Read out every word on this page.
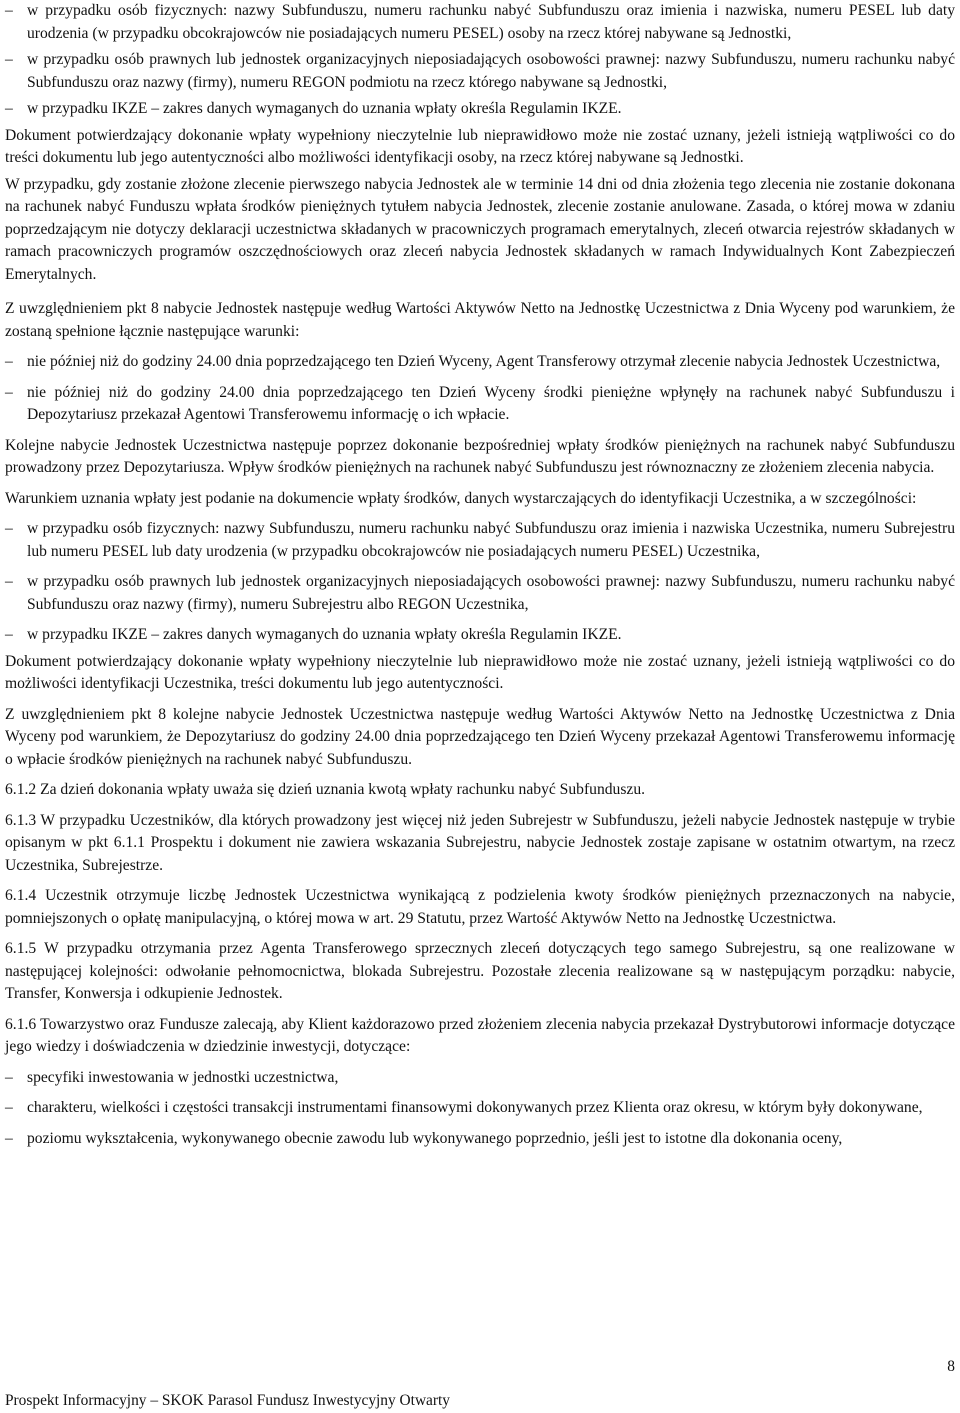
– w przypadku osób fizycznych: nazwy Subfunduszu, numeru rachunku nabyć Subfunduszu oraz imienia i nazwiska, numeru PESEL lub daty urodzenia (w przypadku obcokrajowców nie posiadających numeru PESEL) osoby na rzecz której nabywane są Jednostki,
– w przypadku osób prawnych lub jednostek organizacyjnych nieposiadających osobowości prawnej: nazwy Subfunduszu, numeru rachunku nabyć Subfunduszu oraz nazwy (firmy), numeru REGON podmiotu na rzecz którego nabywane są Jednostki,
– w przypadku IKZE – zakres danych wymaganych do uznania wpłaty określa Regulamin IKZE.

Dokument potwierdzający dokonanie wpłaty wypełniony nieczytelnie lub nieprawidłowo może nie zostać uznany, jeżeli istnieją wątpliwości co do treści dokumentu lub jego autentyczności albo możliwości identyfikacji osoby, na rzecz której nabywane są Jednostki.

W przypadku, gdy zostanie złożone zlecenie pierwszego nabycia Jednostek ale w terminie 14 dni od dnia złożenia tego zlecenia nie zostanie dokonana na rachunek nabyć Funduszu wpłata środków pieniężnych tytułem nabycia Jednostek, zlecenie zostanie anulowane. Zasada, o której mowa w zdaniu poprzedzającym nie dotyczy deklaracji uczestnictwa składanych w pracowniczych programach emerytalnych, zleceń otwarcia rejestrów składanych w ramach pracowniczych programów oszczędnościowych oraz zleceń nabycia Jednostek składanych w ramach Indywidualnych Kont Zabezpieczeń Emerytalnych.

Z uwzględnieniem pkt 8 nabycie Jednostek następuje według Wartości Aktywów Netto na Jednostkę Uczestnictwa z Dnia Wyceny pod warunkiem, że zostaną spełnione łącznie następujące warunki:

– nie później niż do godziny 24.00 dnia poprzedzającego ten Dzień Wyceny, Agent Transferowy otrzymał zlecenie nabycia Jednostek Uczestnictwa,
– nie później niż do godziny 24.00 dnia poprzedzającego ten Dzień Wyceny środki pieniężne wpłynęły na rachunek nabyć Subfunduszu i Depozytariusz przekazał Agentowi Transferowemu informację o ich wpłacie.

Kolejne nabycie Jednostek Uczestnictwa następuje poprzez dokonanie bezpośredniej wpłaty środków pieniężnych na rachunek nabyć Subfunduszu prowadzony przez Depozytariusza. Wpływ środków pieniężnych na rachunek nabyć Subfunduszu jest równoznaczny ze złożeniem zlecenia nabycia.

Warunkiem uznania wpłaty jest podanie na dokumencie wpłaty środków, danych wystarczających do identyfikacji Uczestnika, a w szczególności:

– w przypadku osób fizycznych: nazwy Subfunduszu, numeru rachunku nabyć Subfunduszu oraz imienia i nazwiska Uczestnika, numeru Subrejestru lub numeru PESEL lub daty urodzenia (w przypadku obcokrajowców nie posiadających numeru PESEL) Uczestnika,
– w przypadku osób prawnych lub jednostek organizacyjnych nieposiadających osobowości prawnej: nazwy Subfunduszu, numeru rachunku nabyć Subfunduszu oraz nazwy (firmy), numeru Subrejestru albo REGON Uczestnika,
– w przypadku IKZE – zakres danych wymaganych do uznania wpłaty określa Regulamin IKZE.

Dokument potwierdzający dokonanie wpłaty wypełniony nieczytelnie lub nieprawidłowo może nie zostać uznany, jeżeli istnieją wątpliwości co do możliwości identyfikacji Uczestnika, treści dokumentu lub jego autentyczności.

Z uwzględnieniem pkt 8 kolejne nabycie Jednostek Uczestnictwa następuje według Wartości Aktywów Netto na Jednostkę Uczestnictwa z Dnia Wyceny pod warunkiem, że Depozytariusz do godziny 24.00 dnia poprzedzającego ten Dzień Wyceny przekazał Agentowi Transferowemu informację o wpłacie środków pieniężnych na rachunek nabyć Subfunduszu.

6.1.2 Za dzień dokonania wpłaty uważa się dzień uznania kwotą wpłaty rachunku nabyć Subfunduszu.

6.1.3 W przypadku Uczestników, dla których prowadzony jest więcej niż jeden Subrejestr w Subfunduszu, jeżeli nabycie Jednostek następuje w trybie opisanym w pkt 6.1.1 Prospektu i dokument nie zawiera wskazania Subrejestru, nabycie Jednostek zostaje zapisane w ostatnim otwartym, na rzecz Uczestnika, Subrejestrze.

6.1.4 Uczestnik otrzymuje liczbę Jednostek Uczestnictwa wynikającą z podzielenia kwoty środków pieniężnych przeznaczonych na nabycie, pomniejszonych o opłatę manipulacyjną, o której mowa w art. 29 Statutu, przez Wartość Aktywów Netto na Jednostkę Uczestnictwa.

6.1.5 W przypadku otrzymania przez Agenta Transferowego sprzecznych zleceń dotyczących tego samego Subrejestru, są one realizowane w następującej kolejności: odwołanie pełnomocnictwa, blokada Subrejestru. Pozostałe zlecenia realizowane są w następującym porządku: nabycie, Transfer, Konwersja i odkupienie Jednostek.

6.1.6 Towarzystwo oraz Fundusze zalecają, aby Klient każdorazowo przed złożeniem zlecenia nabycia przekazał Dystrybutorowi informacje dotyczące jego wiedzy i doświadczenia w dziedzinie inwestycji, dotyczące:

– specyfiki inwestowania w jednostki uczestnictwa,
– charakteru, wielkości i częstości transakcji instrumentami finansowymi dokonywanych przez Klienta oraz okresu, w którym były dokonywane,
– poziomu wykształcenia, wykonywanego obecnie zawodu lub wykonywanego poprzednio, jeśli jest to istotne dla dokonania oceny,
8
Prospekt Informacyjny – SKOK Parasol Fundusz Inwestycyjny Otwarty
